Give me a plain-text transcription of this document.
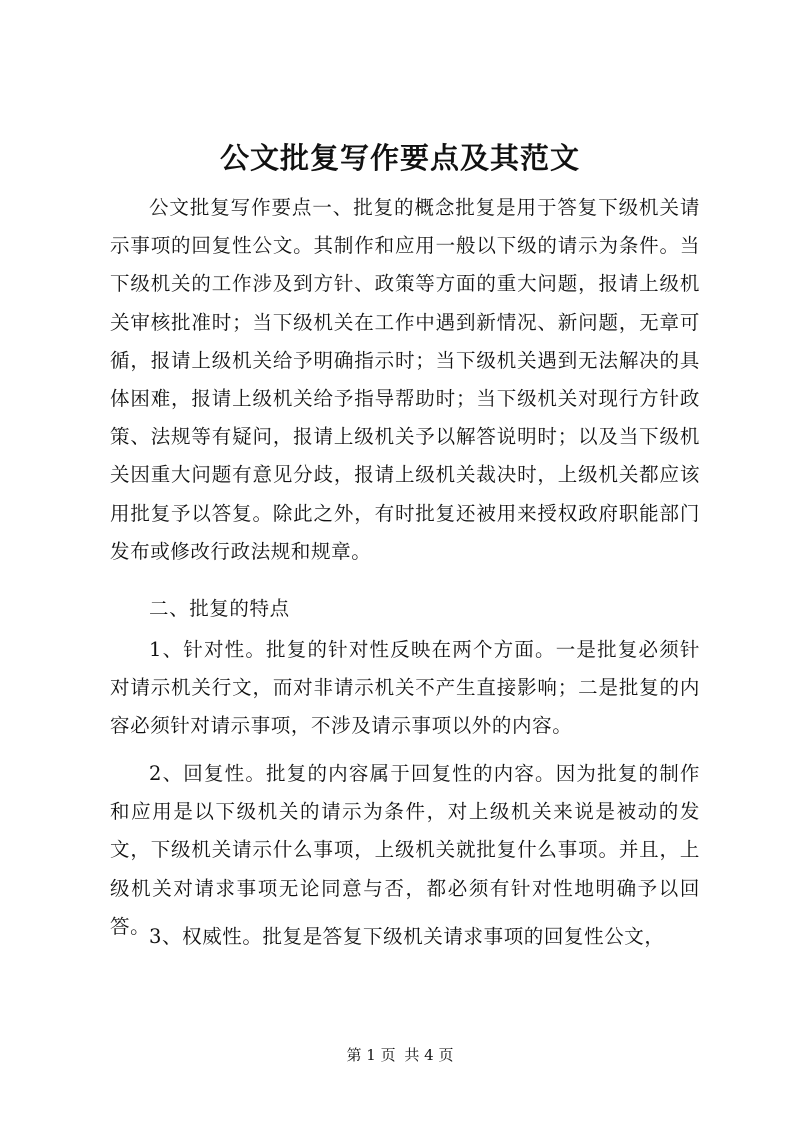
公文批复写作要点及其范文

公文批复写作要点一、批复的概念批复是用于答复下级机关请示事项的回复性公文。其制作和应用一般以下级的请示为条件。当下级机关的工作涉及到方针、政策等方面的重大问题，报请上级机关审核批准时；当下级机关在工作中遇到新情况、新问题，无章可循，报请上级机关给予明确指示时；当下级机关遇到无法解决的具体困难，报请上级机关给予指导帮助时；当下级机关对现行方针政策、法规等有疑问，报请上级机关予以解答说明时；以及当下级机关因重大问题有意见分歧，报请上级机关裁决时，上级机关都应该用批复予以答复。除此之外，有时批复还被用来授权政府职能部门发布或修改行政法规和规章。

二、批复的特点

1、针对性。批复的针对性反映在两个方面。一是批复必须针对请示机关行文，而对非请示机关不产生直接影响；二是批复的内容必须针对请示事项，不涉及请示事项以外的内容。

2、回复性。批复的内容属于回复性的内容。因为批复的制作和应用是以下级机关的请示为条件，对上级机关来说是被动的发文，下级机关请示什么事项，上级机关就批复什么事项。并且，上级机关对请求事项无论同意与否，都必须有针对性地明确予以回答。

3、权威性。批复是答复下级机关请求事项的回复性公文，

第 1 页 共 4 页
